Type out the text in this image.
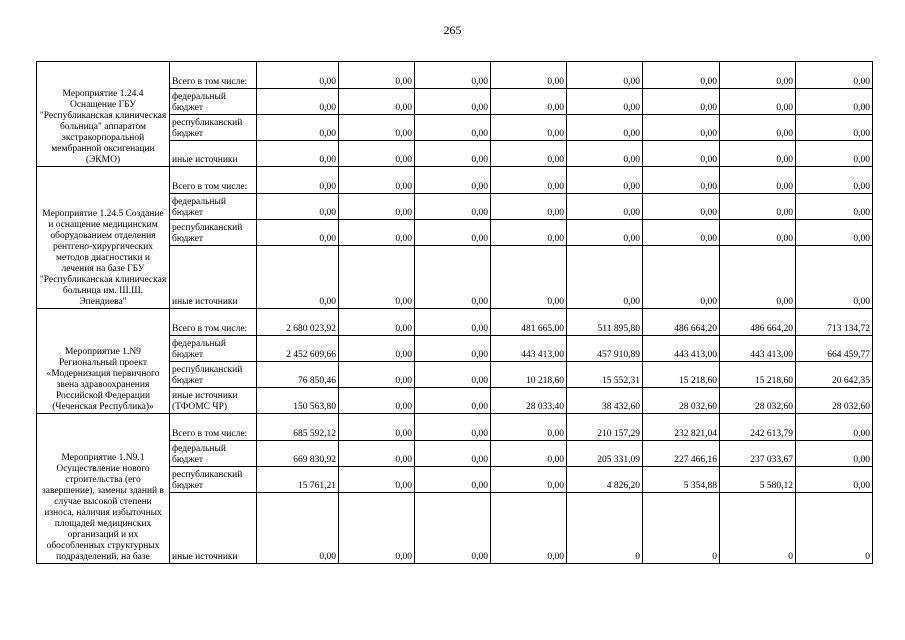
265
Мероприятие 1.24.4 Оснащение ГБУ "Республиканская клиническая больница" аппаратом экстракорпоральной мембранной оксигенации (ЭКМО)	Всего в том числе:	0,00	0,00	0,00	0,00	0,00	0,00	0,00	0,00
	федеральный бюджет	0,00	0,00	0,00	0,00	0,00	0,00	0,00	0,00
	республиканский бюджет	0,00	0,00	0,00	0,00	0,00	0,00	0,00	0,00
	иные источники	0,00	0,00	0,00	0,00	0,00	0,00	0,00	0,00
Мероприятие 1.24.5 Создание и оснащение медицинским оборудованием отделения рентгено-хирургических методов диагностики и лечения на базе ГБУ "Республиканская клиническая больница им. Ш.Ш. Эпендиева"	Всего в том числе:	0,00	0,00	0,00	0,00	0,00	0,00	0,00	0,00
	федеральный бюджет	0,00	0,00	0,00	0,00	0,00	0,00	0,00	0,00
	республиканский бюджет	0,00	0,00	0,00	0,00	0,00	0,00	0,00	0,00
	иные источники	0,00	0,00	0,00	0,00	0,00	0,00	0,00	0,00
Мероприятие 1.N9 Региональный проект «Модернизация первичного звена здравоохранения Российской Федерации (Чеченская Республика)»	Всего в том числе:	2 680 023,92	0,00	0,00	481 665,00	511 895,80	486 664,20	486 664,20	713 134,72
	федеральный бюджет	2 452 609,66	0,00	0,00	443 413,00	457 910,89	443 413,00	443 413,00	664 459,77
	республиканский бюджет	76 850,46	0,00	0,00	10 218,60	15 552,31	15 218,60	15 218,60	20 642,35
	иные источники (ТФОМС ЧР)	150 563,80	0,00	0,00	28 033,40	38 432,60	28 032,60	28 032,60	28 032,60
Мероприятие 1.N9.1 Осуществление нового строительства (его завершение), замены зданий в случае высокой степени износа, наличия избыточных площадей медицинских организаций и их обособленных структурных подразделений, на базе	Всего в том числе:	685 592,12	0,00	0,00	0,00	210 157,29	232 821,04	242 613,79	0,00
	федеральный бюджет	669 830,92	0,00	0,00	0,00	205 331,09	227 466,16	237 033,67	0,00
	республиканский бюджет	15 761,21	0,00	0,00	0,00	4 826,20	5 354,88	5 580,12	0,00
	иные источники	0,00	0,00	0,00	0,00	0	0	0	0
